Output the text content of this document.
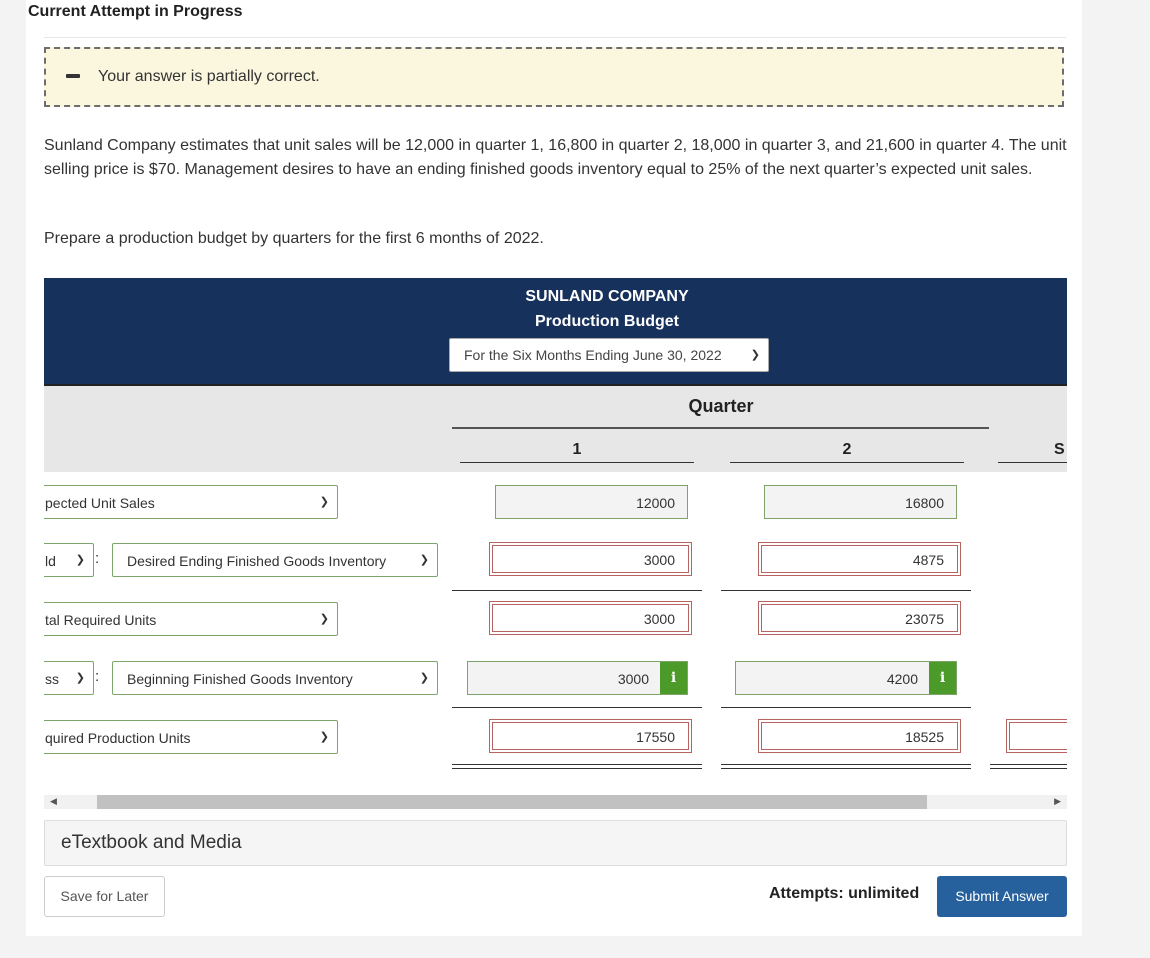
Current Attempt in Progress
Your answer is partially correct.
Sunland Company estimates that unit sales will be 12,000 in quarter 1, 16,800 in quarter 2, 18,000 in quarter 3, and 21,600 in quarter 4. The unit selling price is $70. Management desires to have an ending finished goods inventory equal to 25% of the next quarter’s expected unit sales.
Prepare a production budget by quarters for the first 6 months of 2022.
SUNLAND COMPANY
Production Budget
For the Six Months Ending June 30, 2022	❯
Quarter
1	2	S
pected Unit Sales	❯	12000	16800
ld ❯ : Desired Ending Finished Goods Inventory	❯	3000	4875
tal Required Units	❯	3000	23075
ss ❯ : Beginning Finished Goods Inventory	❯	3000	i	4200	i
quired Production Units	❯	17550	18525
◀	▶
eTextbook and Media
Save for Later	Attempts: unlimited	Submit Answer
